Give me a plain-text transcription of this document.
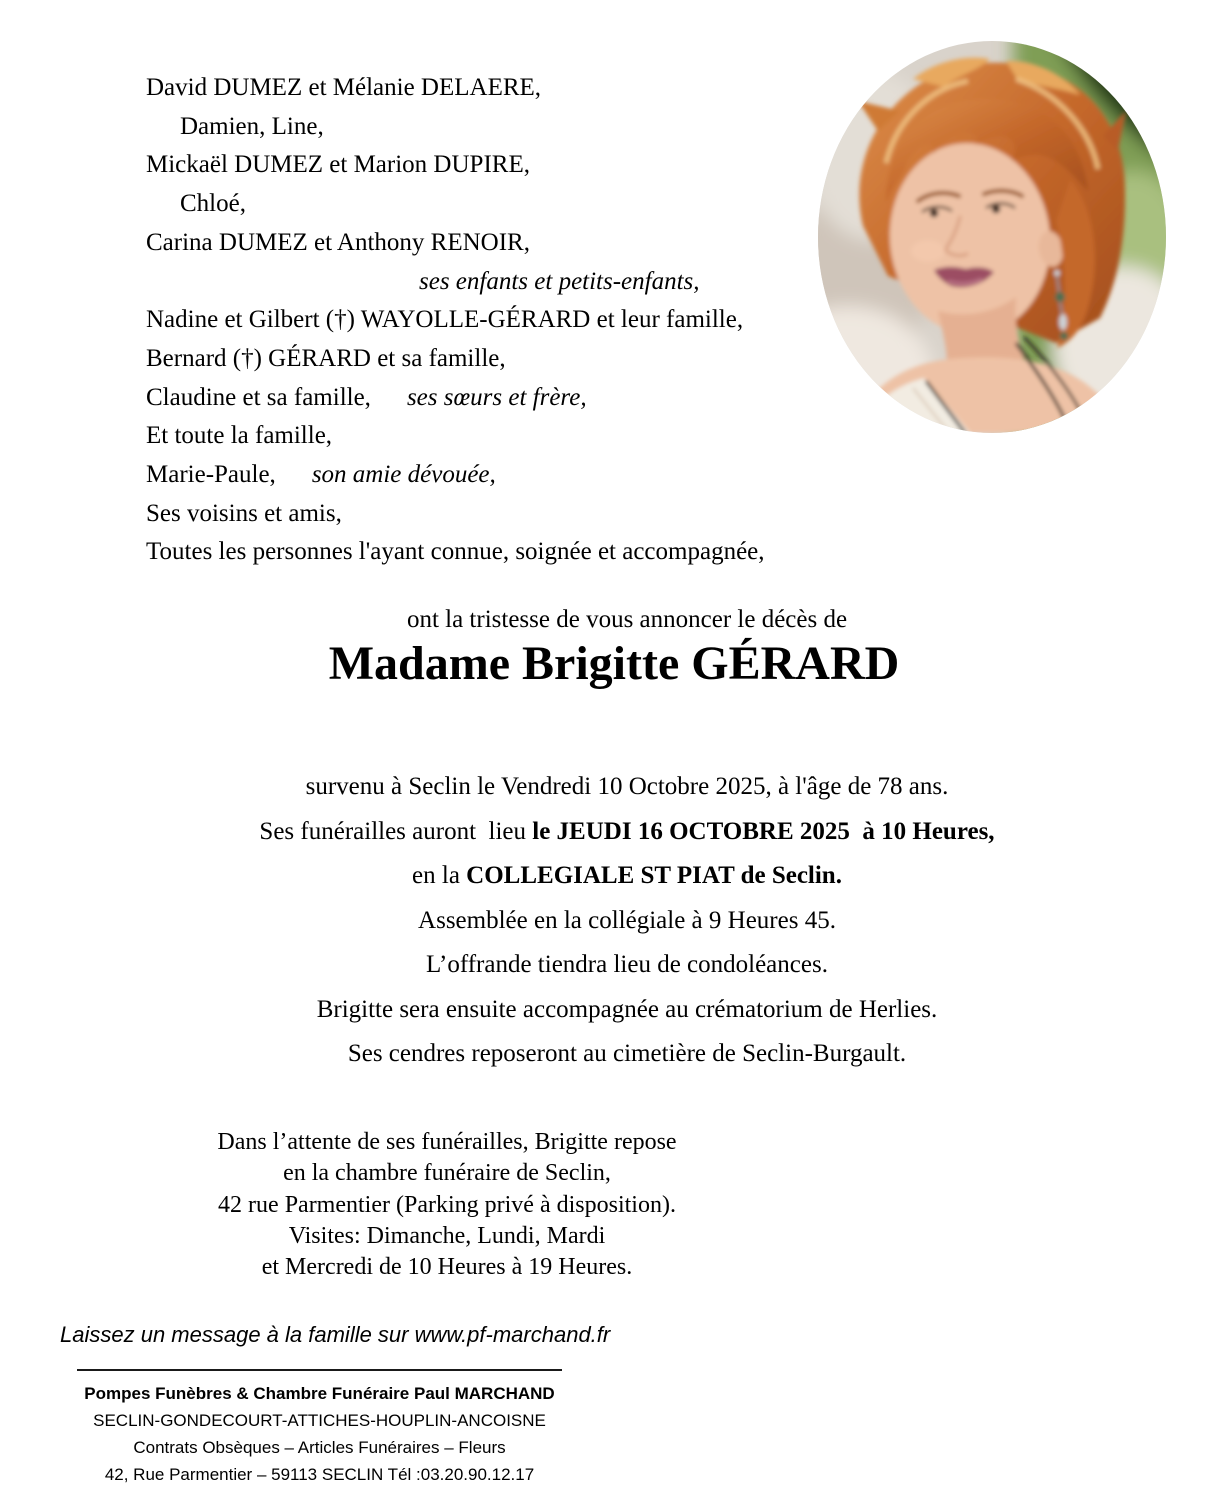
David DUMEZ et Mélanie DELAERE,
Damien, Line,
Mickaël DUMEZ et Marion DUPIRE,
Chloé,
Carina DUMEZ et Anthony RENOIR,
ses enfants et petits-enfants,
Nadine et Gilbert (†) WAYOLLE-GÉRARD et leur famille,
Bernard (†) GÉRARD et sa famille,
Claudine et sa famille, ses sœurs et frère,
Et toute la famille,
Marie-Paule, son amie dévouée,
Ses voisins et amis,
Toutes les personnes l'ayant connue, soignée et accompagnée,
ont la tristesse de vous annoncer le décès de
Madame Brigitte GÉRARD
survenu à Seclin le Vendredi 10 Octobre 2025, à l'âge de 78 ans.
Ses funérailles auront  lieu le JEUDI 16 OCTOBRE 2025  à 10 Heures,
en la COLLEGIALE ST PIAT de Seclin.
Assemblée en la collégiale à 9 Heures 45.
L’offrande tiendra lieu de condoléances.
Brigitte sera ensuite accompagnée au crématorium de Herlies.
Ses cendres reposeront au cimetière de Seclin-Burgault.
Dans l’attente de ses funérailles, Brigitte repose
en la chambre funéraire de Seclin,
42 rue Parmentier (Parking privé à disposition).
Visites: Dimanche, Lundi, Mardi
et Mercredi de 10 Heures à 19 Heures.
Laissez un message à la famille sur www.pf-marchand.fr
Pompes Funèbres & Chambre Funéraire Paul MARCHAND
SECLIN-GONDECOURT-ATTICHES-HOUPLIN-ANCOISNE
Contrats Obsèques – Articles Funéraires – Fleurs
42, Rue Parmentier – 59113 SECLIN Tél :03.20.90.12.17
